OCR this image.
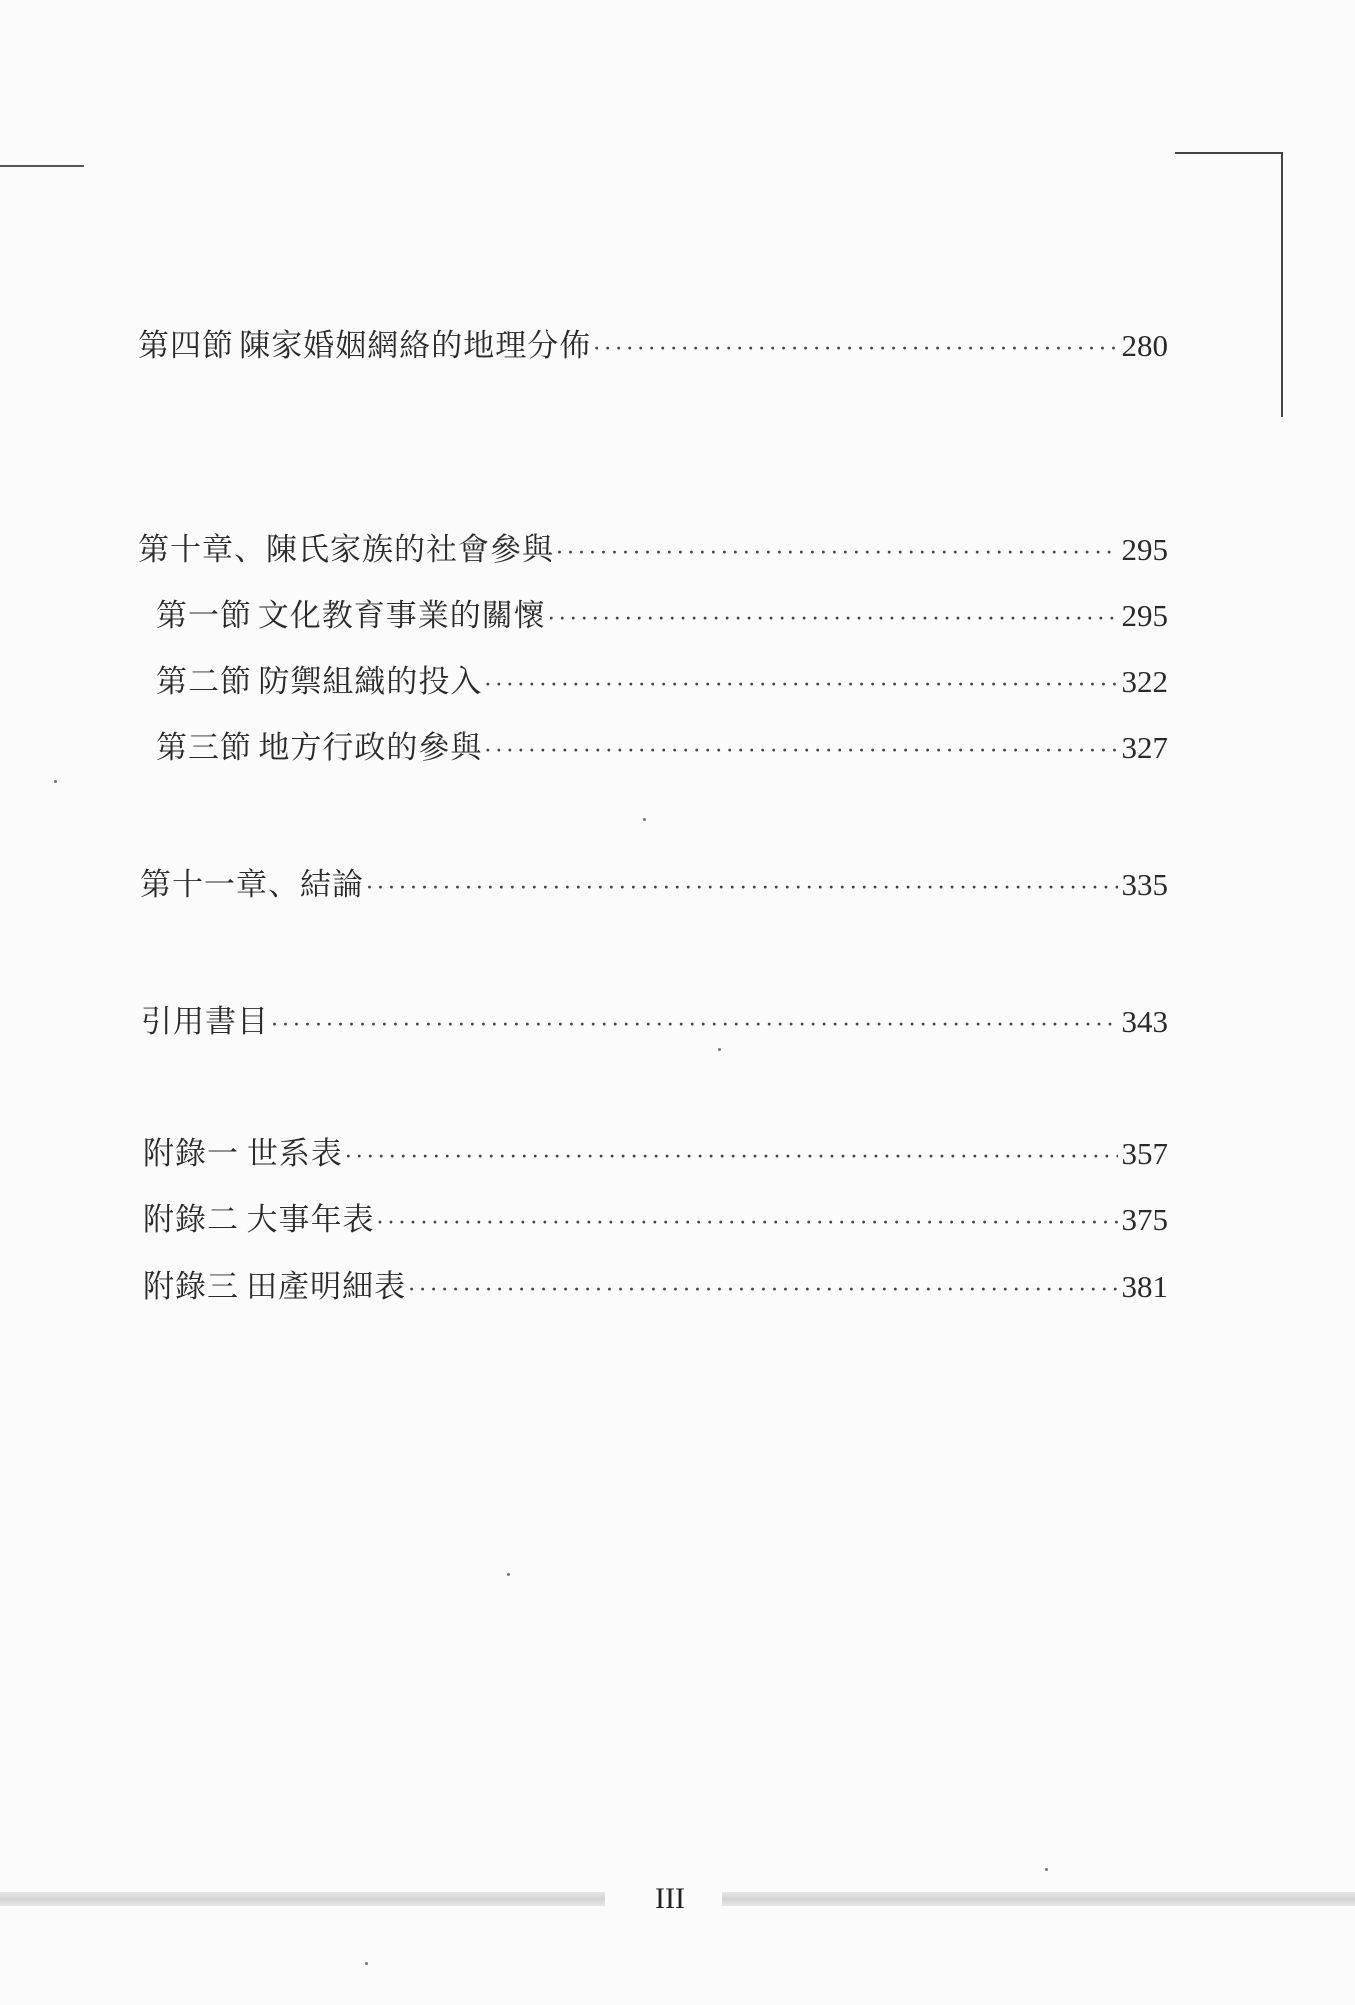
第四節 陳家婚姻網絡的地理分佈 ·····	280
第十章、陳氏家族的社會參與 ·····	295
第一節 文化教育事業的關懷 ·····	295
第二節 防禦組織的投入 ·····	322
第三節 地方行政的參與 ·····	327
第十一章、結論 ·····	335
引用書目 ·····	343
附錄一 世系表 ·····	357
附錄二 大事年表 ·····	375
附錄三 田產明細表 ·····	381
III
